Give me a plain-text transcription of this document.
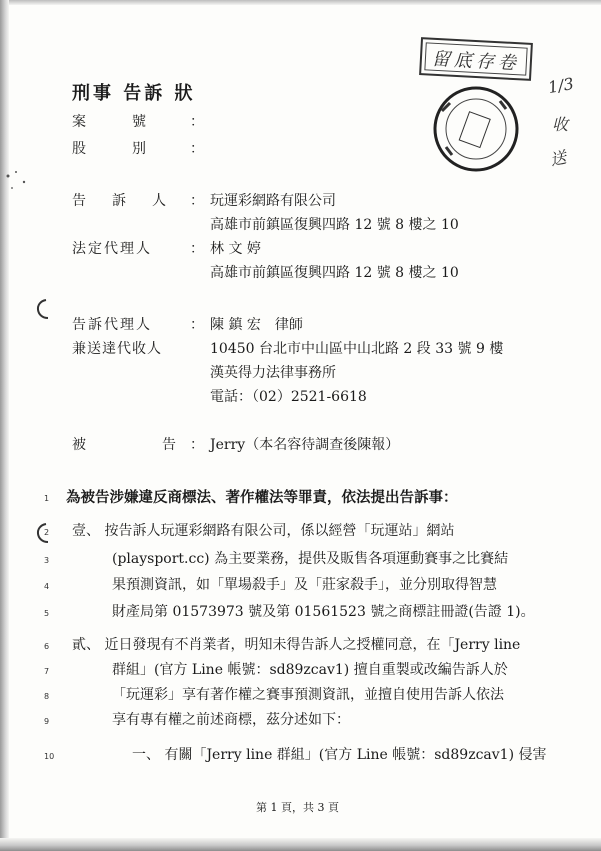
留底存卷
1/3
收
送
刑事 告訴 狀
案　　　號	：
股　　　別	：
告　訴　人 ： 玩運彩網路有限公司
高雄市前鎮區復興四路 12 號 8 樓之 10
法定代理人	： 林 文 婷
高雄市前鎮區復興四路 12 號 8 樓之 10
告訴代理人	： 陳 鎮 宏　律師
兼送達代收人	10450 台北市中山區中山北路 2 段 33 號 9 樓
漢英得力法律事務所
電話：（02）2521-6618
被　　　　告 ： Jerry（本名容待調查後陳報）
1 為被告涉嫌違反商標法、著作權法等罪責，依法提出告訴事：
2 壹、 按告訴人玩運彩網路有限公司，係以經營「玩運站」網站
3	(playsport.cc) 為主要業務，提供及販售各項運動賽事之比賽結
4	果預測資訊，如「單場殺手」及「莊家殺手」，並分別取得智慧
5	財產局第 01573973 號及第 01561523 號之商標註冊證(告證 1)。
6 貳、 近日發現有不肖業者，明知未得告訴人之授權同意，在「Jerry line
7	群組」(官方 Line 帳號：sd89zcav1) 擅自重製或改編告訴人於
8	「玩運彩」享有著作權之賽事預測資訊，並擅自使用告訴人依法
9	享有專有權之前述商標，茲分述如下：
10	一、 有關「Jerry line 群組」(官方 Line 帳號：sd89zcav1) 侵害
第 1 頁，共 3 頁
